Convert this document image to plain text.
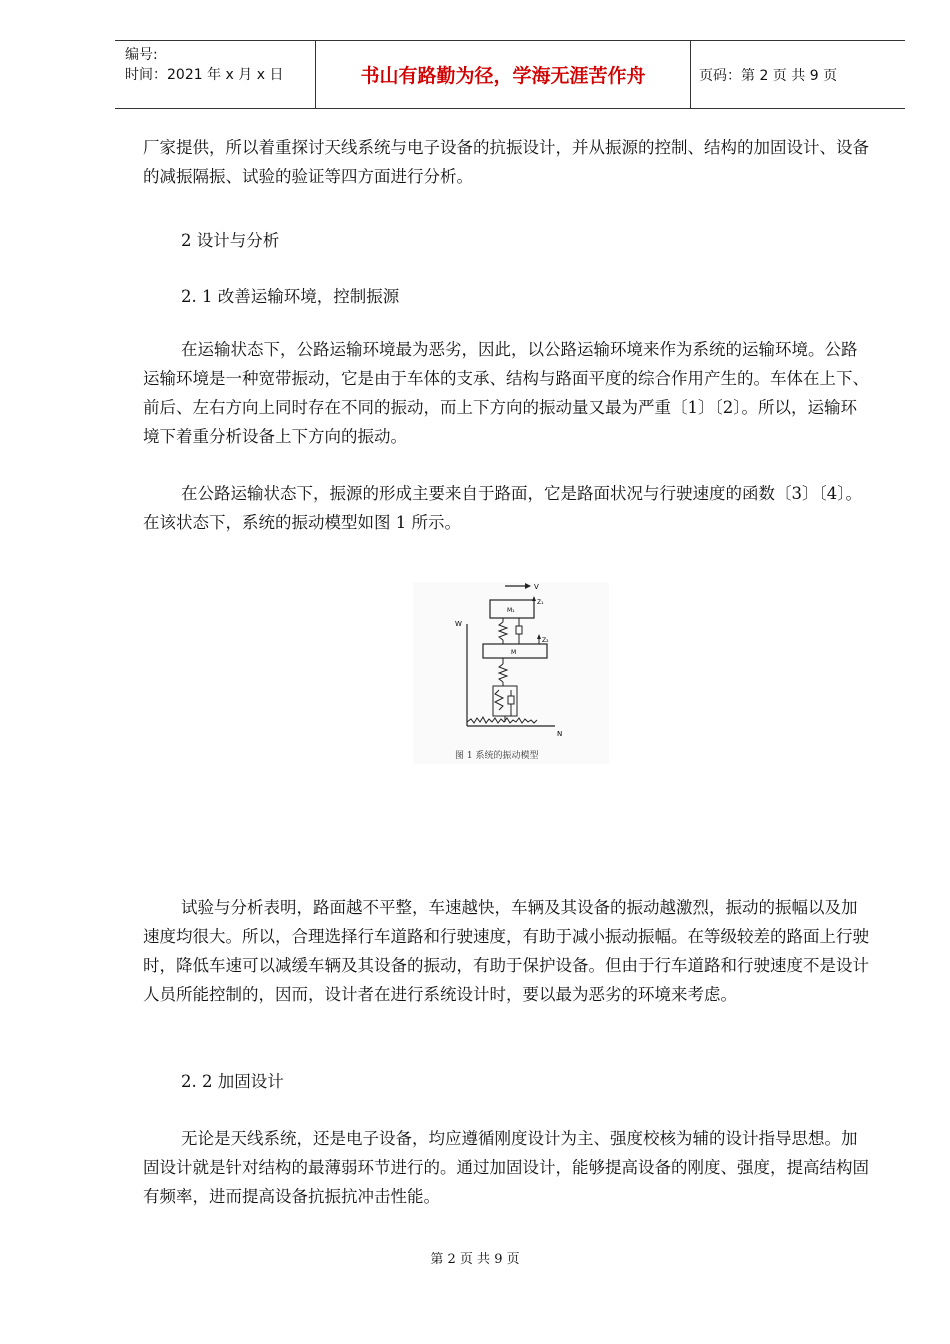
编号:
时间：2021 年 x 月 x 日	书山有路勤为径，学海无涯苦作舟	页码：第 2 页 共 9 页

厂家提供，所以着重探讨天线系统与电子设备的抗振设计，并从振源的控制、结构的加固设计、设备的减振隔振、试验的验证等四方面进行分析。

2 设计与分析

2. 1 改善运输环境，控制振源

在运输状态下，公路运输环境最为恶劣，因此，以公路运输环境来作为系统的运输环境。公路运输环境是一种宽带振动，它是由于车体的支承、结构与路面平度的综合作用产生的。车体在上下、前后、左右方向上同时存在不同的振动，而上下方向的振动量又最为严重〔1〕〔2〕。所以，运输环境下着重分析设备上下方向的振动。

在公路运输状态下，振源的形成主要来自于路面，它是路面状况与行驶速度的函数〔3〕〔4〕。在该状态下，系统的振动模型如图 1 所示。

V
M₁
Z₁
M
Z₂
W
N
图 1 系统的振动模型

试验与分析表明，路面越不平整，车速越快，车辆及其设备的振动越激烈，振动的振幅以及加速度均很大。所以，合理选择行车道路和行驶速度，有助于减小振动振幅。在等级较差的路面上行驶时，降低车速可以减缓车辆及其设备的振动，有助于保护设备。但由于行车道路和行驶速度不是设计人员所能控制的，因而，设计者在进行系统设计时，要以最为恶劣的环境来考虑。

2. 2 加固设计

无论是天线系统，还是电子设备，均应遵循刚度设计为主、强度校核为辅的设计指导思想。加固设计就是针对结构的最薄弱环节进行的。通过加固设计，能够提高设备的刚度、强度，提高结构固有频率，进而提高设备抗振抗冲击性能。

第 2 页 共 9 页
